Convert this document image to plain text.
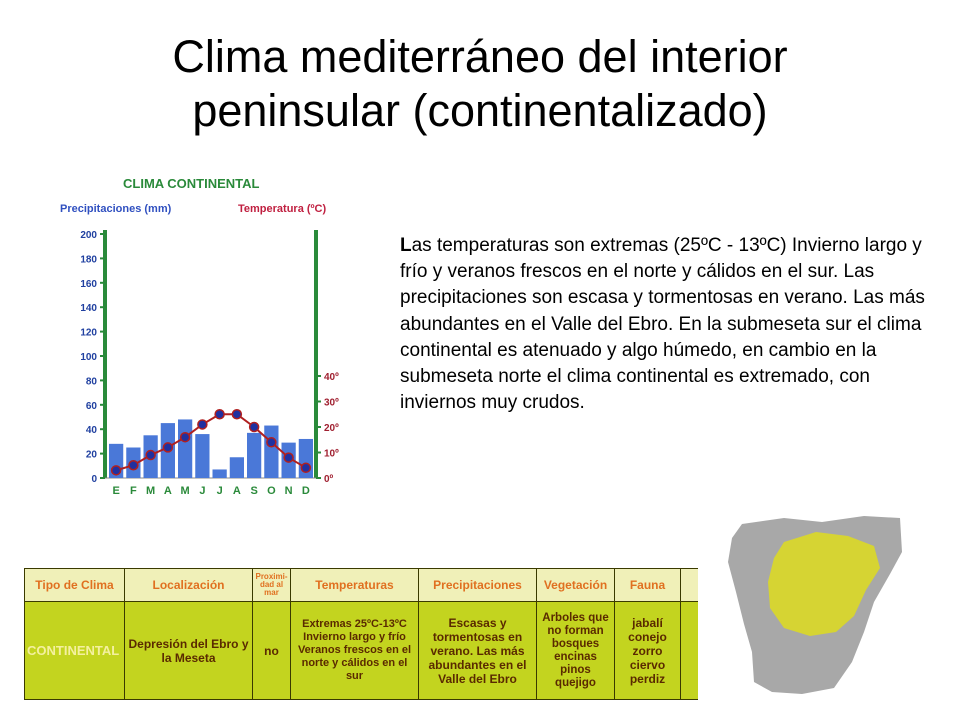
Clima mediterráneo del interior
peninsular (continentalizado)
CLIMA CONTINENTAL
Precipitaciones (mm)	Temperatura (ºC)
200
180
160
140
120
100
80
60
40
20
0
40º
30º
20º
10º
0º
E F M A M J J A S O N D
Las temperaturas son extremas (25ºC - 13ºC) Invierno largo y frío y veranos frescos en el norte y cálidos en el sur. Las precipitaciones son escasa y tormentosas en verano. Las más abundantes en el Valle del Ebro. En la submeseta sur el clima continental es atenuado y algo húmedo, en cambio en la submeseta norte el clima continental es extremado, con inviernos muy crudos.
Tipo de Clima	Localización	Proximi- dad al mar	Temperaturas	Precipitaciones	Vegetación	Fauna	
CONTINENTAL	Depresión del Ebro y la Meseta	no	Extremas 25ºC-13ºC Invierno largo y frío Veranos frescos en el norte y cálidos en el sur	Escasas y tormentosas en verano. Las más abundantes en el Valle del Ebro	Arboles que no forman bosques encinas pinos quejigo	jabalí conejo zorro ciervo perdiz	
